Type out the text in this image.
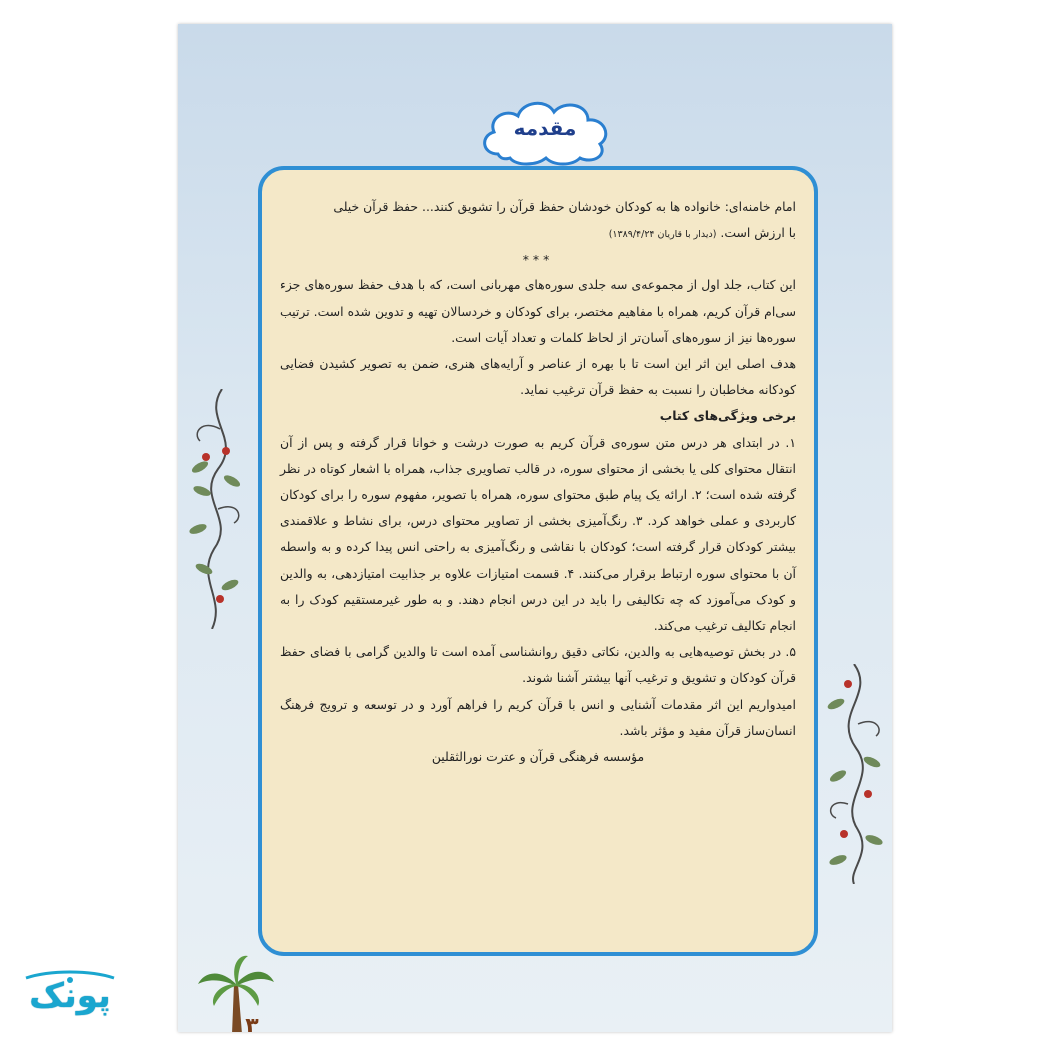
مقدمه
۳

امام خامنه‌ای: خانواده ها به کودکان خودشان حفظ قرآن را تشویق کنند... حفظ قرآن خیلی

با ارزش است. (دیدار با قاریان ۱۳۸۹/۴/۲۴)

***

این کتاب، جلد اول از مجموعه‌ی سه جلدی سوره‌های مهربانی است، که با هدف حفظ سوره‌های جزء سی‌ام قرآن کریم، همراه با مفاهیم مختصر، برای کودکان و خردسالان تهیه و تدوین شده است. ترتیب سوره‌ها نیز از سوره‌های آسان‌تر از لحاظ کلمات و تعداد آیات است.

هدف اصلی این اثر این است تا با بهره از عناصر و آرایه‌های هنری، ضمن به تصویر کشیدن فضایی کودکانه مخاطبان را نسبت به حفظ قرآن ترغیب نماید.

برخی ویژگی‌های کتاب

۱. در ابتدای هر درس متن سوره‌ی قرآن کریم به صورت درشت و خوانا قرار گرفته و پس از آن انتقال محتوای کلی یا بخشی از محتوای سوره، در قالب تصاویری جذاب، همراه با اشعار کوتاه در نظر گرفته شده است؛ ۲. ارائه یک پیام طبق محتوای سوره، همراه با تصویر، مفهوم سوره را برای کودکان کاربردی و عملی خواهد کرد. ۳. رنگ‌آمیزی بخشی از تصاویر محتوای درس، برای نشاط و علاقمندی بیشتر کودکان قرار گرفته است؛ کودکان با نقاشی و رنگ‌آمیزی به راحتی انس پیدا کرده و به واسطه آن با محتوای سوره ارتباط برقرار می‌کنند. ۴. قسمت امتیازات علاوه بر جذابیت امتیازدهی، به والدین و کودک می‌آموزد که چه تکالیفی را باید در این درس انجام دهند. و به طور غیرمستقیم کودک را به انجام تکالیف ترغیب می‌کند.

۵. در بخش توصیه‌هایی به والدین، نکاتی دقیق روانشناسی آمده است تا والدین گرامی با فضای حفظ قرآن کودکان و تشویق و ترغیب آنها بیشتر آشنا شوند.

امیدواریم این اثر مقدمات آشنایی و انس با قرآن کریم را فراهم آورد و در توسعه و ترویج فرهنگ انسان‌ساز قرآن مفید و مؤثر باشد.

مؤسسه فرهنگی قرآن و عترت نورالثقلین

پونک
